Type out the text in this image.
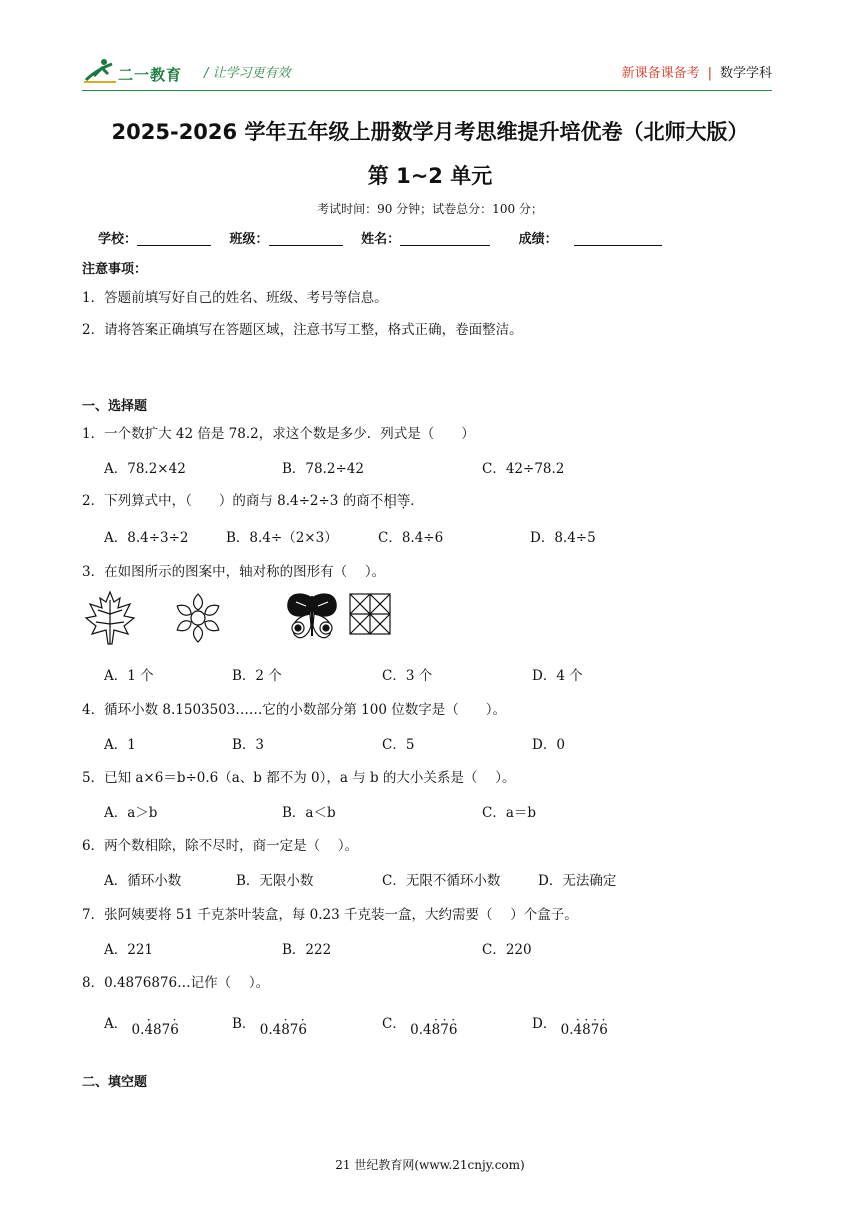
二一教育 / 让学习更有效	新课备课备考 | 数学学科
2025-2026 学年五年级上册数学月考思维提升培优卷（北师大版）
第 1~2 单元
考试时间：90 分钟；试卷总分：100 分；
学校：	班级：	姓名：	成绩：
注意事项：
1．答题前填写好自己的姓名、班级、考号等信息。
2．请将答案正确填写在答题区域，注意书写工整，格式正确，卷面整洁。
一、选择题
1．一个数扩大 42 倍是 78.2，求这个数是多少．列式是（　　）
A．78.2×42	B．78.2÷42	C．42÷78.2
2．下列算式中，（　　）的商与 8.4÷2÷3 的商不相等．
A．8.4÷3÷2	B．8.4÷（2×3）	C．8.4÷6	D．8.4÷5
3．在如图所示的图案中，轴对称的图形有（　 ）。
A．1 个	B．2 个	C．3 个	D．4 个
4．循环小数 8.1503503……它的小数部分第 100 位数字是（　　）。
A．1	B．3	C．5	D．0
5．已知 a×6＝b÷0.6（a、b 都不为 0），a 与 b 的大小关系是（　 ）。
A．a＞b	B．a＜b	C．a＝b
6．两个数相除，除不尽时，商一定是（　 ）。
A．循环小数	B．无限小数	C．无限不循环小数	D．无法确定
7．张阿姨要将 51 千克茶叶装盒，每 0.23 千克装一盒，大约需要（　 ）个盒子。
A．221	B．222	C．220
8．0.4876876…记作（　 ）。
A． 0.· 487· 6	B． 0.4· 87· 6	C． 0.4· 8· 7· 6	D． 0.· 4· 8· 7· 6
二、填空题
21 世纪教育网(www.21cnjy.com)
